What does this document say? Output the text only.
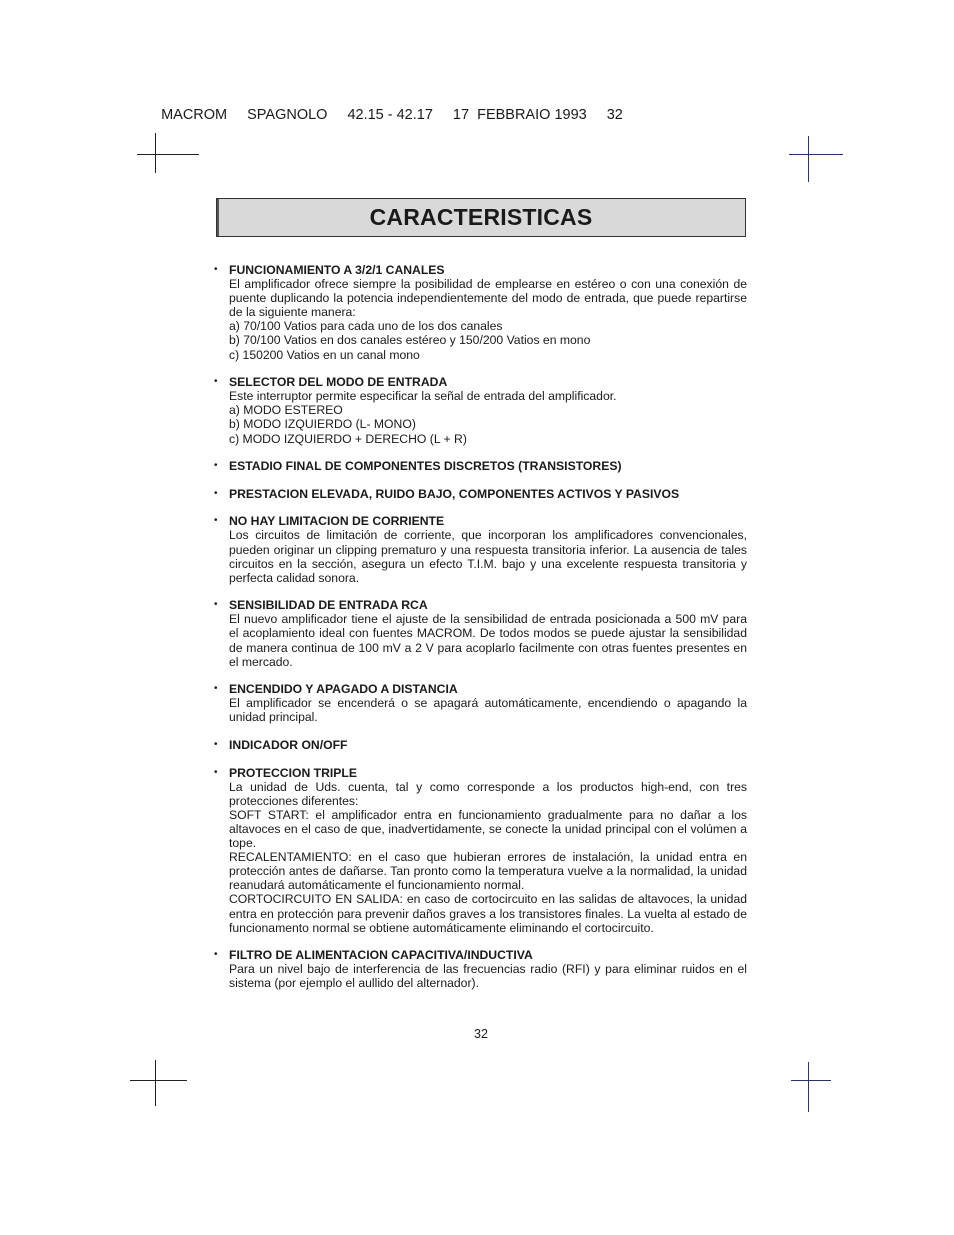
MACROM SPAGNOLO 42.15 - 42.17 17  FEBBRAIO 1993 32

CARACTERISTICAS
• FUNCIONAMIENTO A 3/2/1 CANALES
El amplificador ofrece siempre la posibilidad de emplearse en estéreo o con una conexión de puente duplicando la potencia independientemente del modo de entrada, que puede repartirse de la siguiente manera:
a) 70/100 Vatios para cada uno de los dos canales
b) 70/100 Vatios en dos canales estéreo y 150/200 Vatios en mono
c) 150200 Vatios en un canal mono
• SELECTOR DEL MODO DE ENTRADA
Este interruptor permite especificar la señal de entrada del amplificador.
a) MODO ESTEREO
b) MODO IZQUIERDO (L- MONO)
c) MODO IZQUIERDO + DERECHO (L + R)
• ESTADIO FINAL DE COMPONENTES DISCRETOS (TRANSISTORES)
• PRESTACION ELEVADA, RUIDO BAJO, COMPONENTES ACTIVOS Y PASIVOS
• NO HAY LIMITACION DE CORRIENTE
Los circuitos de limitación de corriente, que incorporan los amplificadores convencionales, pueden originar un clipping prematuro y una respuesta transitoria inferior. La ausencia de tales circuitos en la sección, asegura un efecto T.I.M. bajo y una excelente respuesta transitoria y perfecta calidad sonora.
• SENSIBILIDAD DE ENTRADA RCA
El nuevo amplificador tiene el ajuste de la sensibilidad de entrada posicionada a 500 mV para el acoplamiento ideal con fuentes MACROM. De todos modos se puede ajustar la sensibilidad de manera continua de 100 mV a 2 V para acoplarlo facilmente con otras fuentes presentes en el mercado.
• ENCENDIDO Y APAGADO A DISTANCIA
El amplificador se encenderá o se apagará automáticamente, encendiendo o apagando la unidad principal.
• INDICADOR ON/OFF
• PROTECCION TRIPLE
La unidad de Uds. cuenta, tal y como corresponde a los productos high-end, con tres protecciones diferentes:
SOFT START: el amplificador entra en funcionamiento gradualmente para no dañar a los altavoces en el caso de que, inadvertidamente, se conecte la unidad principal con el volúmen a tope.
RECALENTAMIENTO: en el caso que hubieran errores de instalación, la unidad entra en protección antes de dañarse. Tan pronto como la temperatura vuelve a la normalidad, la unidad reanudará automáticamente el funcionamiento normal.
CORTOCIRCUITO EN SALIDA: en caso de cortocircuito en las salidas de altavoces, la unidad entra en protección para prevenir daños graves a los transistores finales. La vuelta al estado de funcionamento normal se obtiene automáticamente eliminando el cortocircuito.
• FILTRO DE ALIMENTACION CAPACITIVA/INDUCTIVA
Para un nivel bajo de interferencia de las frecuencias radio (RFI) y para eliminar ruidos en el sistema (por ejemplo el aullido del alternador).
32
